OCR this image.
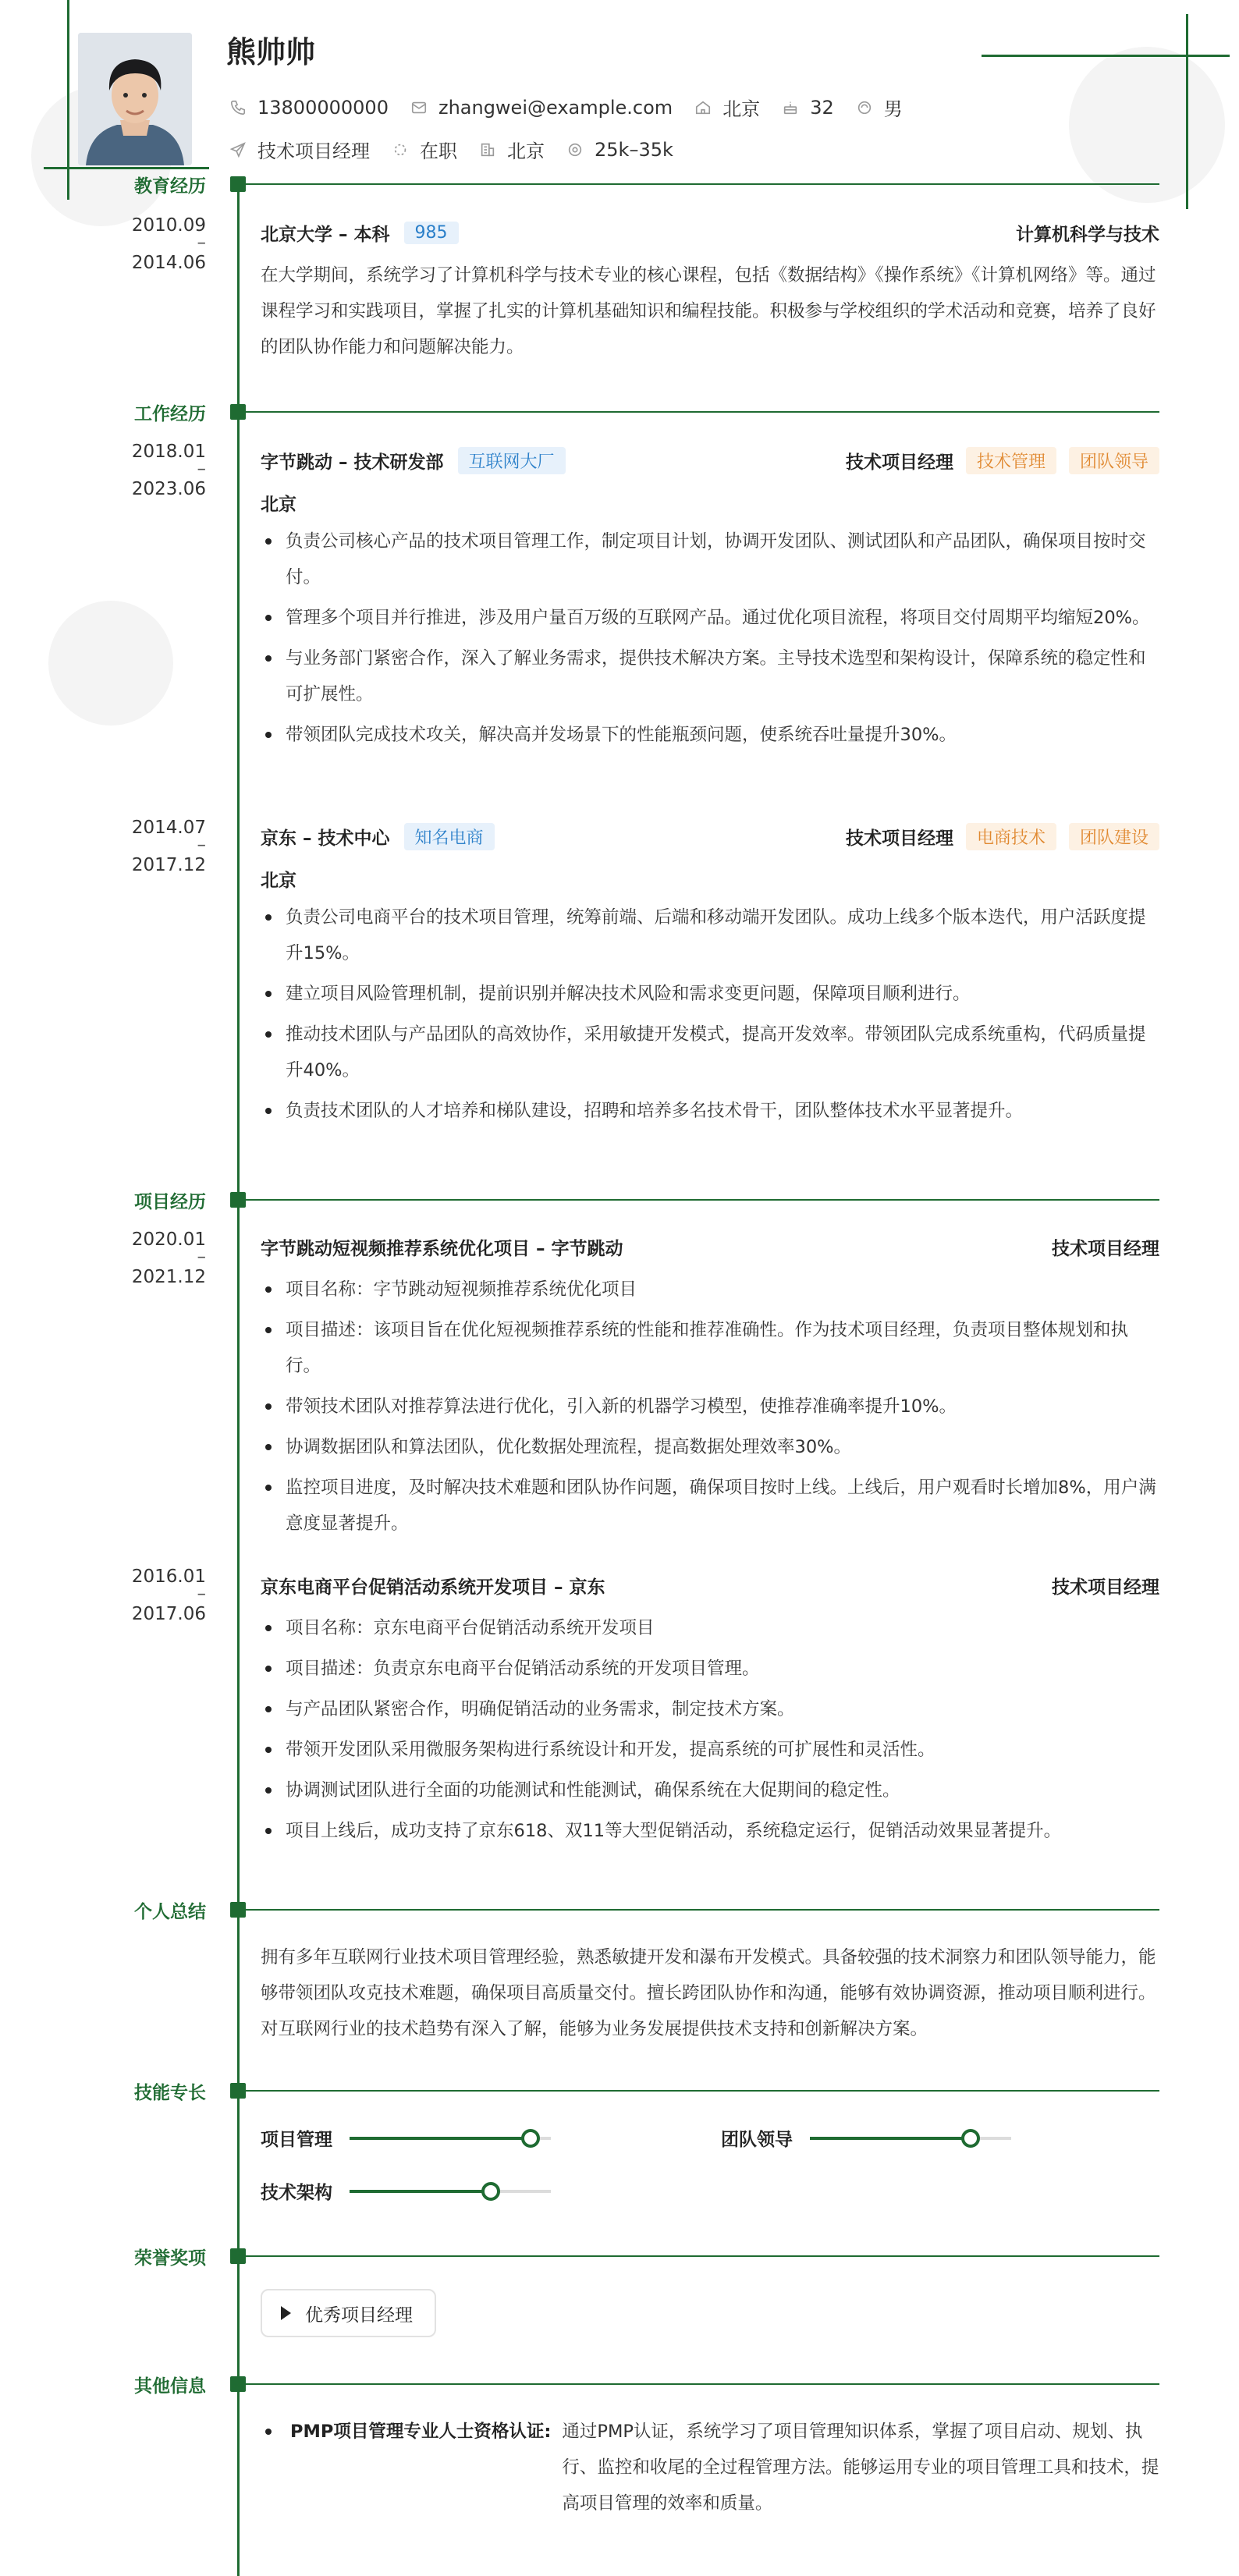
熊帅帅
13800000000	zhangwei@example.com	北京	32	男
技术项目经理	在职	北京	25k–35k
教育经历
2010.09
–
2014.06
北京大学 – 本科	985	计算机科学与技术
在大学期间，系统学习了计算机科学与技术专业的核心课程，包括《数据结构》《操作系统》《计算机网络》等。通过课程学习和实践项目，掌握了扎实的计算机基础知识和编程技能。积极参与学校组织的学术活动和竞赛，培养了良好的团队协作能力和问题解决能力。
工作经历
2018.01
–
2023.06
字节跳动 – 技术研发部	互联网大厂	技术项目经理	技术管理	团队领导
北京
负责公司核心产品的技术项目管理工作，制定项目计划，协调开发团队、测试团队和产品团队，确保项目按时交付。
管理多个项目并行推进，涉及用户量百万级的互联网产品。通过优化项目流程，将项目交付周期平均缩短20%。
与业务部门紧密合作，深入了解业务需求，提供技术解决方案。主导技术选型和架构设计，保障系统的稳定性和可扩展性。
带领团队完成技术攻关，解决高并发场景下的性能瓶颈问题，使系统吞吐量提升30%。
2014.07
–
2017.12
京东 – 技术中心	知名电商	技术项目经理	电商技术	团队建设
北京
负责公司电商平台的技术项目管理，统筹前端、后端和移动端开发团队。成功上线多个版本迭代，用户活跃度提升15%。
建立项目风险管理机制，提前识别并解决技术风险和需求变更问题，保障项目顺利进行。
推动技术团队与产品团队的高效协作，采用敏捷开发模式，提高开发效率。带领团队完成系统重构，代码质量提升40%。
负责技术团队的人才培养和梯队建设，招聘和培养多名技术骨干，团队整体技术水平显著提升。
项目经历
2020.01
–
2021.12
字节跳动短视频推荐系统优化项目 – 字节跳动	技术项目经理
项目名称：字节跳动短视频推荐系统优化项目
项目描述：该项目旨在优化短视频推荐系统的性能和推荐准确性。作为技术项目经理，负责项目整体规划和执行。
带领技术团队对推荐算法进行优化，引入新的机器学习模型，使推荐准确率提升10%。
协调数据团队和算法团队，优化数据处理流程，提高数据处理效率30%。
监控项目进度，及时解决技术难题和团队协作问题，确保项目按时上线。上线后，用户观看时长增加8%，用户满意度显著提升。
2016.01
–
2017.06
京东电商平台促销活动系统开发项目 – 京东	技术项目经理
项目名称：京东电商平台促销活动系统开发项目
项目描述：负责京东电商平台促销活动系统的开发项目管理。
与产品团队紧密合作，明确促销活动的业务需求，制定技术方案。
带领开发团队采用微服务架构进行系统设计和开发，提高系统的可扩展性和灵活性。
协调测试团队进行全面的功能测试和性能测试，确保系统在大促期间的稳定性。
项目上线后，成功支持了京东618、双11等大型促销活动，系统稳定运行，促销活动效果显著提升。
个人总结
拥有多年互联网行业技术项目管理经验，熟悉敏捷开发和瀑布开发模式。具备较强的技术洞察力和团队领导能力，能够带领团队攻克技术难题，确保项目高质量交付。擅长跨团队协作和沟通，能够有效协调资源，推动项目顺利进行。对互联网行业的技术趋势有深入了解，能够为业务发展提供技术支持和创新解决方案。
技能专长
项目管理	团队领导
技术架构
荣誉奖项
优秀项目经理
其他信息
PMP项目管理专业人士资格认证: 通过PMP认证，系统学习了项目管理知识体系，掌握了项目启动、规划、执行、监控和收尾的全过程管理方法。能够运用专业的项目管理工具和技术，提高项目管理的效率和质量。
